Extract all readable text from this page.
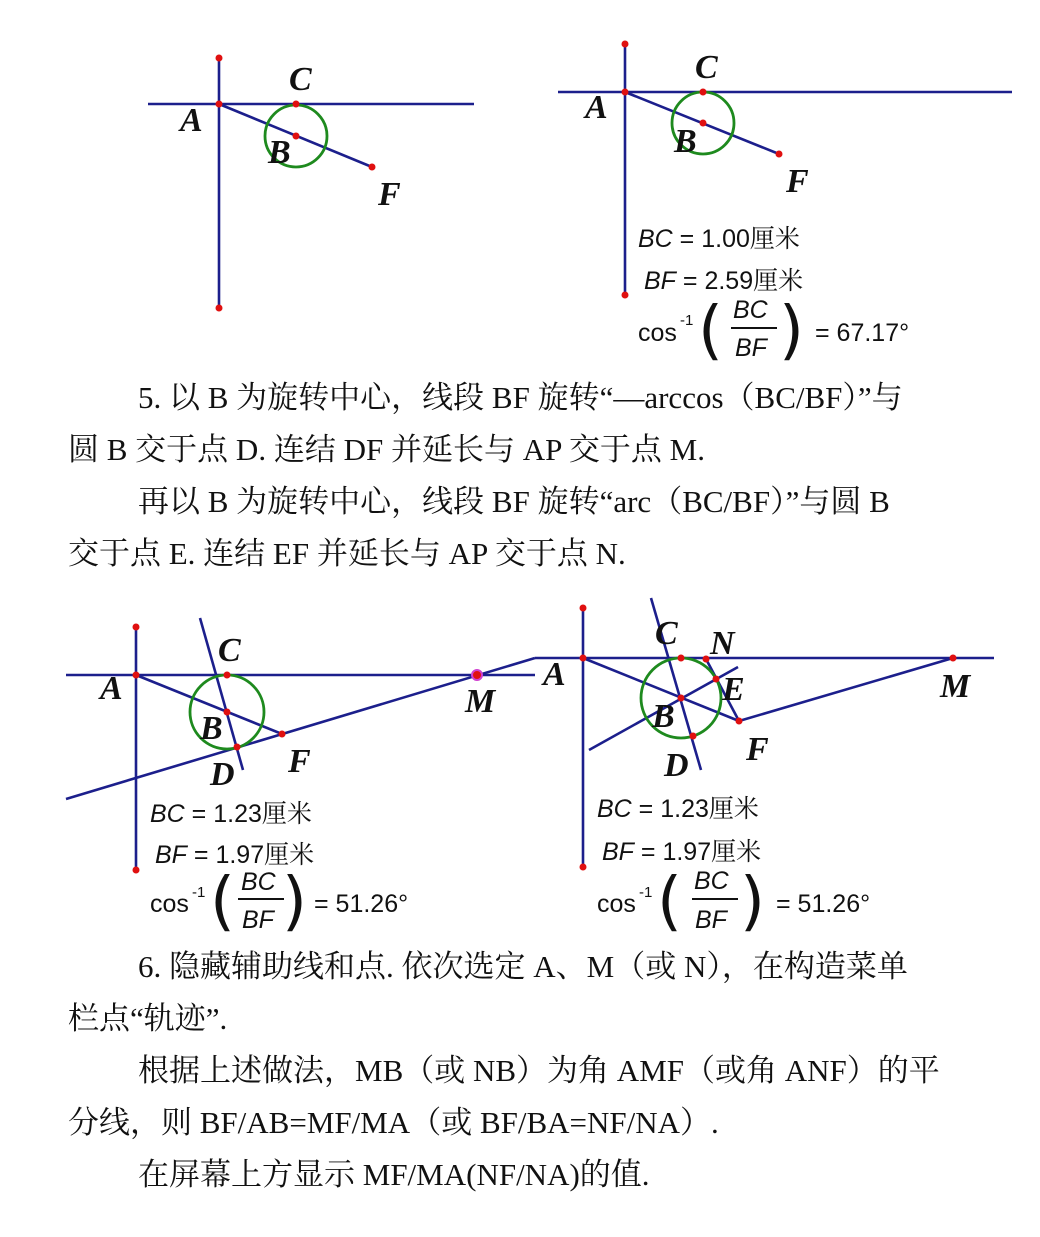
A
C
B
F
A
C
B
F
BC = 1.00厘米
BF = 2.59厘米
cos -1 ( BC
BF ) = 67.17°

5. 以 B 为旋转中心，线段 BF 旋转“—arccos（BC/BF）”与
圆 B 交于点 D. 连结 DF 并延长与 AP 交于点 M.
再以 B 为旋转中心，线段 BF 旋转“arc（BC/BF）”与圆 B
交于点 E. 连结 EF 并延长与 AP 交于点 N.

A
C
B
D F
M
BC = 1.23厘米
BF = 1.97厘米
cos -1 ( BC
BF ) = 51.26°
A
C N
E
B
D F
M
BC = 1.23厘米
BF = 1.97厘米
cos -1 ( BC
BF ) = 51.26°

6. 隐藏辅助线和点. 依次选定 A、M（或 N），在构造菜单
栏点“轨迹”.
根据上述做法，MB（或 NB）为角 AMF（或角 ANF）的平
分线，则 BF/AB=MF/MA（或 BF/BA=NF/NA）.
在屏幕上方显示 MF/MA(NF/NA)的值.
